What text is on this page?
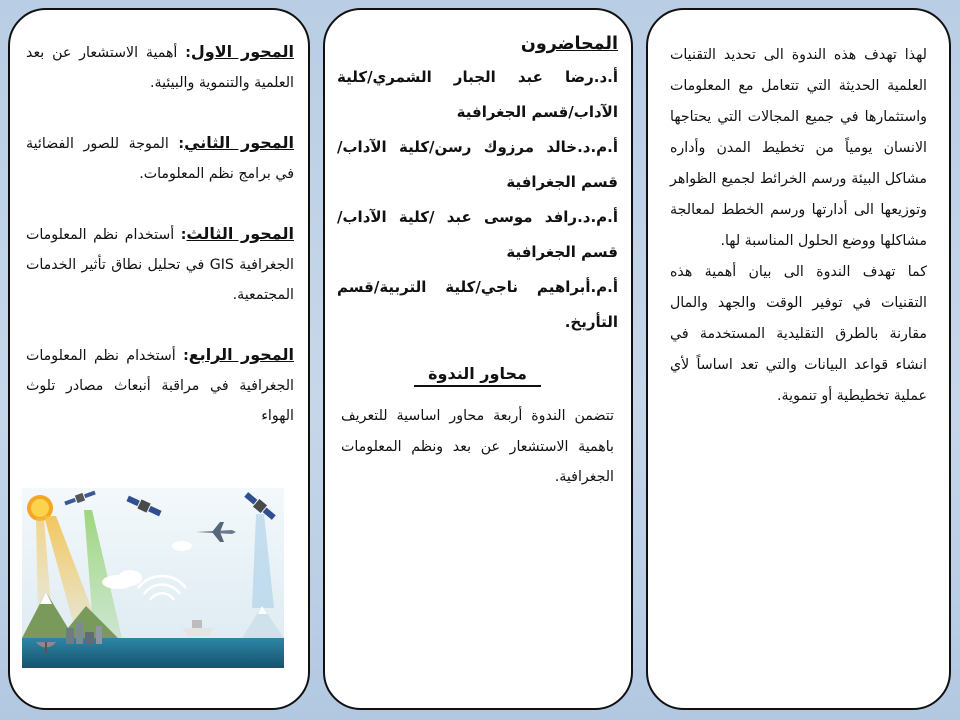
لهذا تهدف هذه الندوة الى تحديد التقنيات العلمية الحديثة التي تتعامل مع المعلومات واستثمارها في جميع المجالات التي يحتاجها الانسان يومياً من تخطيط المدن وأداره مشاكل البيئة ورسم الخرائط لجميع الظواهر وتوزيعها الى أدارتها ورسم الخطط لمعالجة مشاكلها ووضع الحلول المناسبة لها.

كما تهدف الندوة الى بيان أهمية هذه التقنيات في توفير الوقت والجهد والمال مقارنة بالطرق التقليدية المستخدمة في انشاء قواعد البيانات والتي تعد اساساً لأي عملية تخطيطية أو تنموية.

المحاضرون

أ.د.رضا عبد الجبار الشمري/كلية الآداب/قسم الجغرافية

أ.م.د.خالد مرزوك رسن/كلية الآداب/قسم الجغرافية

أ.م.د.رافد موسى عبد /كلية الآداب/قسم الجغرافية

أ.م.أبراهيم ناجي/كلية التربية/قسم التأريخ.

محاور الندوة

تتضمن الندوة أربعة محاور اساسية للتعريف باهمية الاستشعار عن بعد ونظم المعلومات الجغرافية.

المحور الاول: أهمية الاستشعار عن بعد العلمية والتنموية والبيئية.

المحور الثاني: الموجة للصور الفضائية في برامج نظم المعلومات.

المحور الثالث: أستخدام نظم المعلومات الجغرافية GIS في تحليل نطاق تأثير الخدمات المجتمعية.

المحور الرابع: أستخدام نظم المعلومات الجغرافية في مراقبة أنبعاث مصادر تلوث الهواء
